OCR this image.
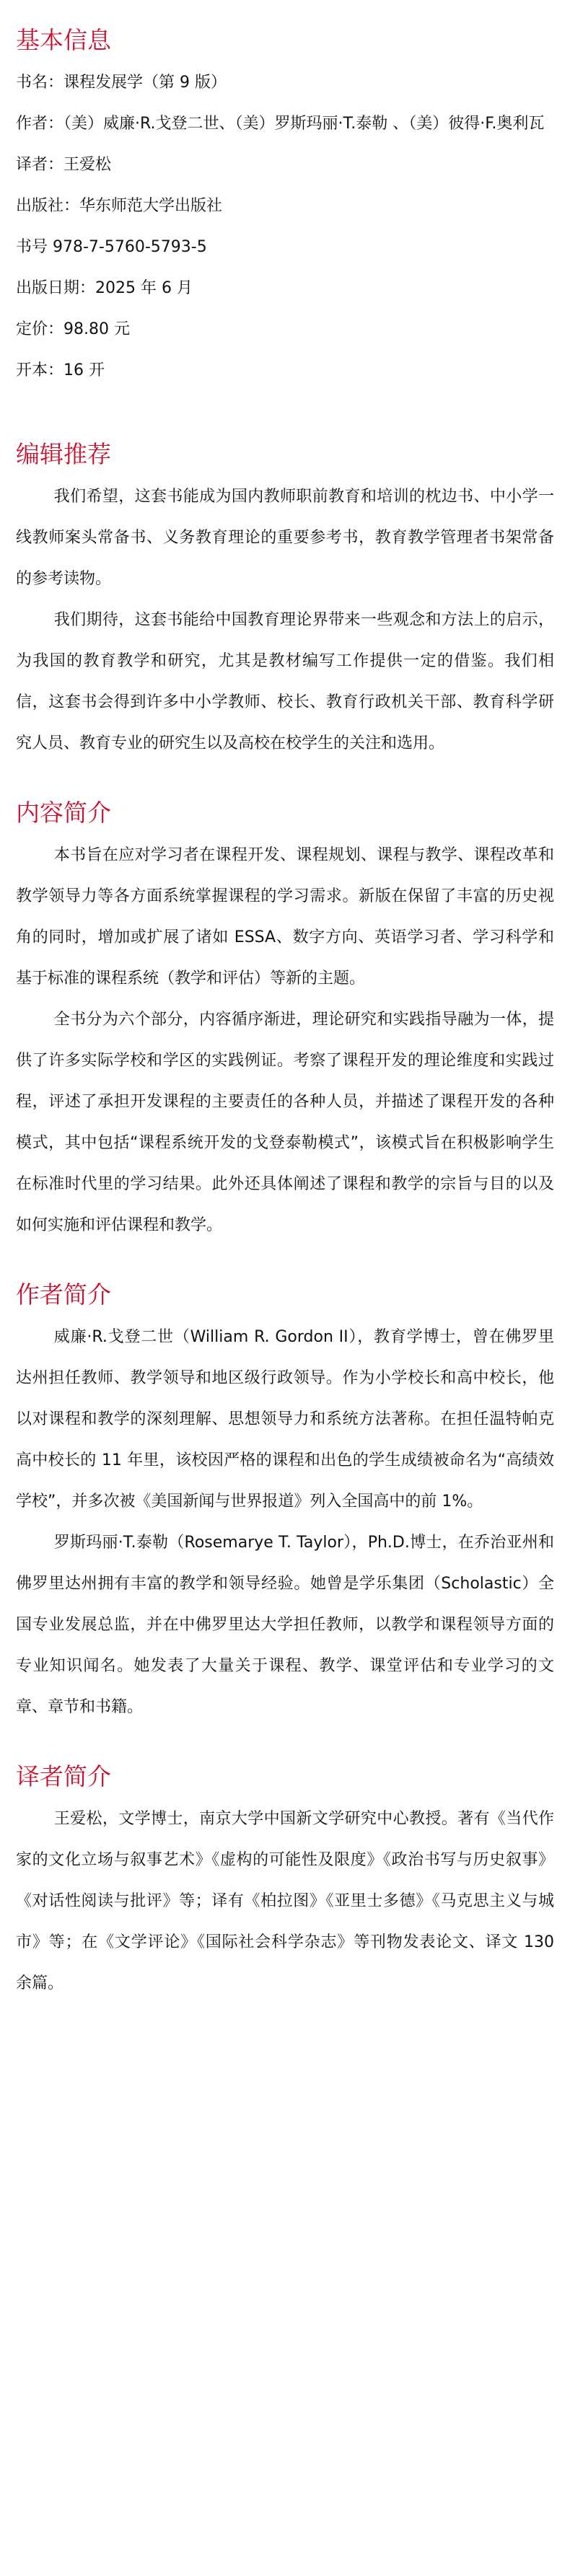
基本信息

书名：课程发展学（第 9 版）

作者：（美）威廉·R.戈登二世、（美）罗斯玛丽·T.泰勒 、（美）彼得·F.奥利瓦

译者：王爱松

出版社：华东师范大学出版社

书号 978-7-5760-5793-5

出版日期：2025 年 6 月

定价：98.80 元

开本：16 开

编辑推荐

我们希望，这套书能成为国内教师职前教育和培训的枕边书、中小学一线教师案头常备书、义务教育理论的重要参考书，教育教学管理者书架常备的参考读物。

我们期待，这套书能给中国教育理论界带来一些观念和方法上的启示，为我国的教育教学和研究，尤其是教材编写工作提供一定的借鉴。我们相信，这套书会得到许多中小学教师、校长、教育行政机关干部、教育科学研究人员、教育专业的研究生以及高校在校学生的关注和选用。

内容简介

本书旨在应对学习者在课程开发、课程规划、课程与教学、课程改革和教学领导力等各方面系统掌握课程的学习需求。新版在保留了丰富的历史视角的同时，增加或扩展了诸如 ESSA、数字方向、英语学习者、学习科学和基于标准的课程系统（教学和评估）等新的主题。

全书分为六个部分，内容循序渐进，理论研究和实践指导融为一体，提供了许多实际学校和学区的实践例证。考察了课程开发的理论维度和实践过程，评述了承担开发课程的主要责任的各种人员，并描述了课程开发的各种模式，其中包括“课程系统开发的戈登泰勒模式”，该模式旨在积极影响学生在标准时代里的学习结果。此外还具体阐述了课程和教学的宗旨与目的以及如何实施和评估课程和教学。

作者简介

威廉·R.戈登二世（William R. Gordon II），教育学博士，曾在佛罗里达州担任教师、教学领导和地区级行政领导。作为小学校长和高中校长，他以对课程和教学的深刻理解、思想领导力和系统方法著称。在担任温特帕克高中校长的 11 年里，该校因严格的课程和出色的学生成绩被命名为“高绩效学校”，并多次被《美国新闻与世界报道》列入全国高中的前 1%。

罗斯玛丽·T.泰勒（Rosemarye T. Taylor），Ph.D.博士，在乔治亚州和佛罗里达州拥有丰富的教学和领导经验。她曾是学乐集团（Scholastic）全国专业发展总监，并在中佛罗里达大学担任教师，以教学和课程领导方面的专业知识闻名。她发表了大量关于课程、教学、课堂评估和专业学习的文章、章节和书籍。

译者简介

王爱松，文学博士，南京大学中国新文学研究中心教授。著有《当代作家的文化立场与叙事艺术》《虚构的可能性及限度》《政治书写与历史叙事》《对话性阅读与批评》等；译有《柏拉图》《亚里士多德》《马克思主义与城市》等；在《文学评论》《国际社会科学杂志》等刊物发表论文、译文 130 余篇。
